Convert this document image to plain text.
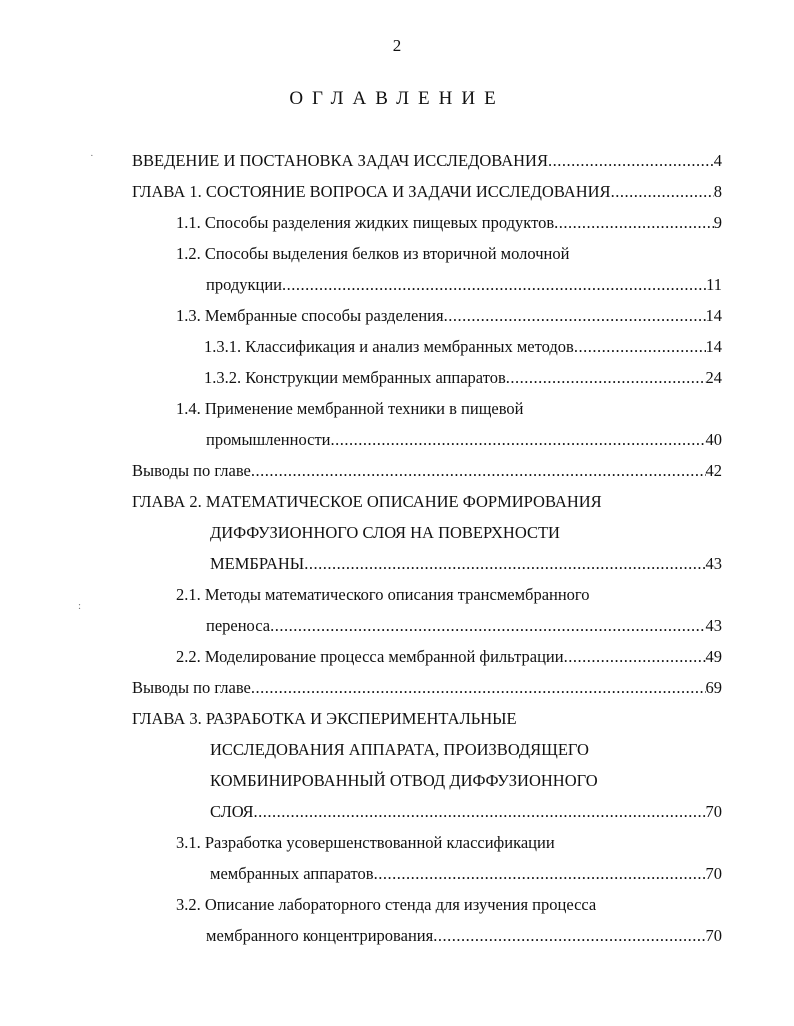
2
ОГЛАВЛЕНИЕ
·
:
ВВЕДЕНИЕ И ПОСТАНОВКА ЗАДАЧ ИССЛЕДОВАНИЯ .....	4
ГЛАВА 1. СОСТОЯНИЕ ВОПРОСА И ЗАДАЧИ ИССЛЕДОВАНИЯ .....	8
1.1. Способы разделения жидких пищевых продуктов .....	9
1.2. Способы выделения белков из вторичной молочной
продукции .....	11
1.3. Мембранные способы разделения .....	14
1.3.1. Классификация и анализ мембранных методов .....	14
1.3.2. Конструкции мембранных аппаратов .....	24
1.4. Применение мембранной техники в пищевой
промышленности .....	40
Выводы по главе .....	42
ГЛАВА 2. МАТЕМАТИЧЕСКОЕ ОПИСАНИЕ ФОРМИРОВАНИЯ
ДИФФУЗИОННОГО СЛОЯ НА ПОВЕРХНОСТИ
МЕМБРАНЫ .....	43
2.1. Методы математического описания трансмембранного
переноса .....	43
2.2. Моделирование процесса мембранной фильтрации .....	49
Выводы по главе .....	69
ГЛАВА 3. РАЗРАБОТКА И ЭКСПЕРИМЕНТАЛЬНЫЕ
ИССЛЕДОВАНИЯ АППАРАТА, ПРОИЗВОДЯЩЕГО
КОМБИНИРОВАННЫЙ ОТВОД ДИФФУЗИОННОГО
СЛОЯ .....	70
3.1. Разработка усовершенствованной классификации
мембранных аппаратов .....	70
3.2. Описание лабораторного стенда для изучения процесса
мембранного концентрирования .....	70
